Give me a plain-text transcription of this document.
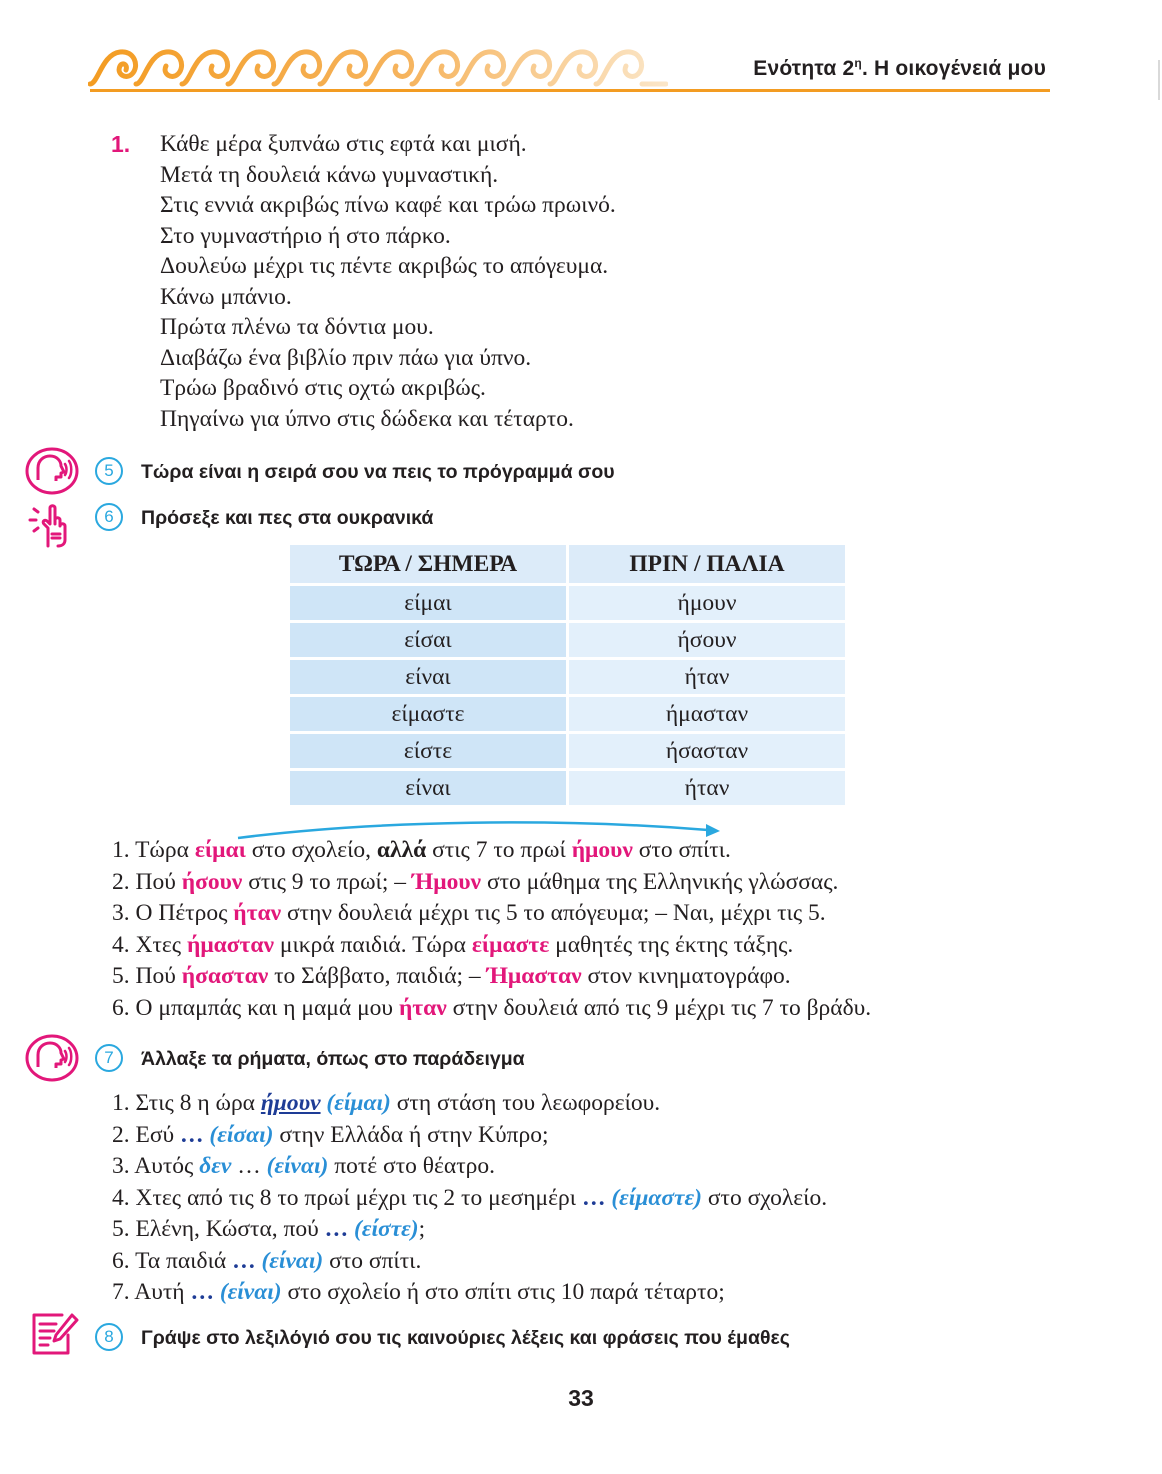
Ενότητα $2^\eta$. Η οικογένειά μου
1. Κάθε μέρα ξυπνάω στις εφτά και μισή.
Μετά τη δουλειά κάνω γυμναστική.
Στις εννιά ακριβώς πίνω καφέ και τρώω πρωινό.
Στο γυμναστήριο ή στο πάρκο.
Δουλεύω μέχρι τις πέντε ακριβώς το απόγευμα.
Κάνω μπάνιο.
Πρώτα πλένω τα δόντια μου.
Διαβάζω ένα βιβλίο πριν πάω για ύπνο.
Τρώω βραδινό στις οχτώ ακριβώς.
Πηγαίνω για ύπνο στις δώδεκα και τέταρτο.
5	Τώρα είναι η σειρά σου να πεις το πρόγραμμά σου
6	Πρόσεξε και πες στα ουκρανικά
ΤΩΡΑ / ΣΗΜΕΡΑ	ΠΡΙΝ / ΠΑΛΙΑ
είμαι	ήμουν
είσαι	ήσουν
είναι	ήταν
είμαστε	ήμασταν
είστε	ήσασταν
είναι	ήταν
1. Τώρα είμαι στο σχολείο, αλλά στις 7 το πρωί ήμουν στο σπίτι.
2. Πού ήσουν στις 9 το πρωί; – Ήμουν στο μάθημα της Ελληνικής γλώσσας.
3. Ο Πέτρος ήταν στην δουλειά μέχρι τις 5 το απόγευμα; – Ναι, μέχρι τις 5.
4. Χτες ήμασταν μικρά παιδιά. Τώρα είμαστε μαθητές της έκτης τάξης.
5. Πού ήσασταν το Σάββατο, παιδιά; – Ήμασταν στον κινηματογράφο.
6. Ο μπαμπάς και η μαμά μου ήταν στην δουλειά από τις 9 μέχρι τις 7 το βράδυ.
7	Άλλαξε τα ρήματα, όπως στο παράδειγμα
1. Στις 8 η ώρα ήμουν (είμαι) στη στάση του λεωφορείου.
2. Εσύ … (είσαι) στην Ελλάδα ή στην Κύπρο;
3. Αυτός δεν … (είναι) ποτέ στο θέατρο.
4. Χτες από τις 8 το πρωί μέχρι τις 2 το μεσημέρι … (είμαστε) στο σχολείο.
5. Ελένη, Κώστα, πού … (είστε);
6. Τα παιδιά … (είναι) στο σπίτι.
7. Αυτή … (είναι) στο σχολείο ή στο σπίτι στις 10 παρά τέταρτο;
8	Γράψε στο λεξιλόγιό σου τις καινούριες λέξεις και φράσεις που έμαθες
33
